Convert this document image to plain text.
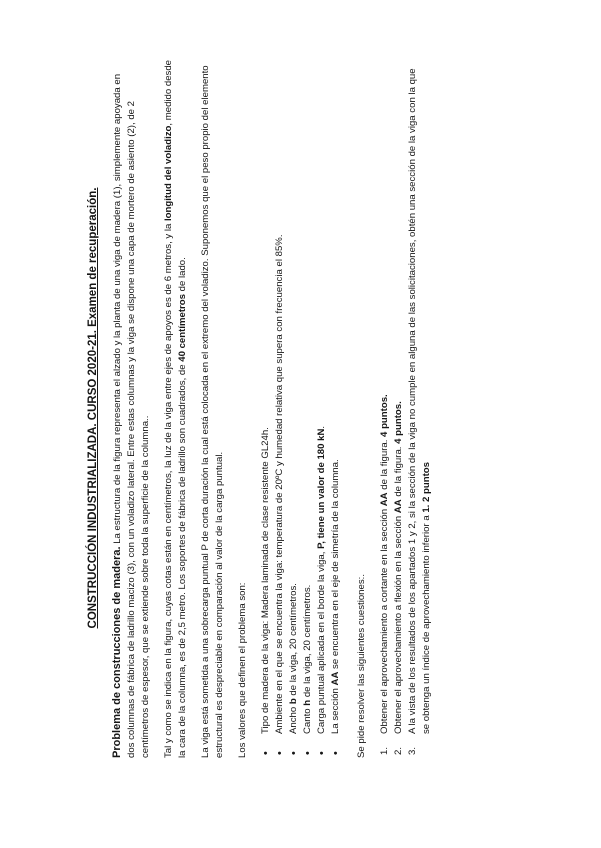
CONSTRUCCIÓN INDUSTRIALIZADA. CURSO 2020-21. Examen de recuperación.

Problema de construcciones de madera. La estructura de la figura representa el alzado y la planta de una viga de madera (1), simplemente apoyada en dos columnas de fábrica de ladrillo macizo (3), con un voladizo lateral. Entre estas columnas y la viga se dispone una capa de mortero de asiento (2), de 2 centímetros de espesor, que se extiende sobre toda la superficie de la columna.. Tal y como se indica en la figura, cuyas cotas están en centímetros, la luz de la viga entre ejes de apoyos es de 6 metros, y la longitud del voladizo, medido desde la cara de la columna, es de 2,5 metro. Los soportes de fábrica de ladrillo son cuadrados, de 40 centímetros de lado. La viga está sometida a una sobrecarga puntual P de corta duración la cual está colocada en el extremo del voladizo. Suponemos que el peso propio del elemento estructural es despreciable en comparación al valor de la carga puntual. Los valores que definen el problema son: • Tipo de madera de la viga: Madera laminada de clase resistente GL24h. • Ambiente en el que se encuentra la viga: temperatura de 20ºC y humedad relativa que supera con frecuencia el 85%. • Ancho b de la viga, 20 centímetros.
• Canto h de la viga, 20 centímetros. • Carga puntual aplicada en el borde la viga, P, tiene un valor de 180 kN.
• La sección AA se encuentra en el eje de simetría de la columna. Se pide resolver las siguientes cuestiones:. 1.
Obtener el aprovechamiento a cortante en la sección AA de la figura. 4 puntos.
2.
Obtener el aprovechamiento a flexión en la sección AA de la figura. 4 puntos.
3.
A la vista de los resultados de los apartados 1 y 2, si la sección de la viga no cumple en alguna de las solicitaciones, obtén una sección de la viga con la que se obtenga un índice de aprovechamiento inferior a 1. 2 puntos
